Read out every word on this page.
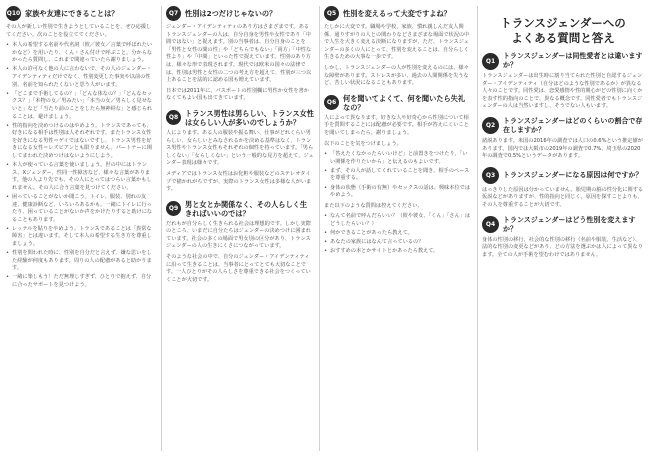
Q10 家族や友達にできることは？

その人が新しい性別で生きようとしていることを、ぜひ応援してください。次のことを役立ててください。

• 本人の希望する名前や代名詞（彼／彼女／言葉で呼ばれたいかなど）を用いたり、くん・さん付けで呼ぶこと。分からなかったら質問し、これまで間違っていたら謝りましょう。
• 本人の許可なく他の人に言わないで、その人のジェンダー・アイデンティティだけでなく、性別変更した事実や以前の性別、名前を知られたくないと思う人がいます。
• 「どこまで手術してるの？」「どんな体なの？」「どんなセックス？」「本物の女／男みたい」「本当の女／男らしく見せないと」など「当たり前のことをしたら無神経な」と感じられることは、避けましょう。
• 性的指向を決めつけるのはやめよう。トランスであっても、好きになる相手は性別は人それぞれです。またトランス女性を好きになる男性＝ゲイではないですし、トランス男性を好きになる女性＝レズビアンとも限りません。パートナーに関してまわれた決めつけはないようにしよう。
• 本人が使っている言葉を使いましょう。世の中にはトランス、Xジェンダー、性同一性障害など、様々な言葉があります。他の人より先でも、その人にとってはつらい言葉かもしれません。その人に合う言葉を見つけてください。
• 困っていることがないか聞こう。トイレ、服装、別れの友達、健康診断など、いろいろあるかも。一緒にトイレに行ったり、困っていることがないか声をかけたりすると助けになることもあります。
• レッテルを貼りをやめよう。トランスであることは「異常な障害」とは違います。そして本人の希望する生き方を尊重しましょう。
• 性別を問われた時に、性別を自分だと言えず、嫌な思いをした経験が何度もあります。周りの人の配慮があると助かります。
• 一緒に楽しもう！ただ無理しすぎず、ひとりで抱えず、自分に合ったサポートを見つけよう。
Q7 性別は2つだけじゃないの？

ジェンダー・アイデンティティのあり方はさまざまです。あるトランスジェンダーの人は、自分自身を男性や女性であり「中間ではない」と捉えます。別の当事者は、自分自身のことを「男性と女性の間の性」や「どちらでもない」「両方」「中性な性より」や「中間」といった性で捉えています。性別のあり方は、様々な形で表現されます。現代では欧米の国々の法律では、性別は男性と女性の二つの考え方を超えて、性別が三つ以上あることを法的に認める国も増えています。

日本では2011年に、パスポートの性別欄に男性か女性を書かなくてもよい国も出てきています。

Q8 トランス男性は男らしい、トランス女性は女らしい人が多いのでしょうか？

人によります。ある人の服装や振る舞い、仕事がどれくらい男らしい、女らしいとみなされるかを決める基準はなく、トランス男性やトランス女性もそれぞれの個性を持っています。「男らしくない」「女らしくない」という一般的な見方を超えて、ジェンダー表現は様々です。

メディアではトランス女性はお化粧や服装などのステレオタイプで描かれがちですが、実際のトランス女性は多様な人がいます。

Q9 男と女とか関係なく、その人らしく生きればいいのでは？

だれもが自分らしく生きられる社会は理想的です。しかし実際のところ、いまだに自分たちはジェンダーの決めつけに囲まれています。社会の多くの場面で男女別の区分があり、トランスジェンダーの人の生きにくさにつながっています。

そのような社会の中で、自分のジェンダー・アイデンティティに沿って生きることは、当事者にとってとても大切なことです。一人ひとりがその人らしさを尊重できる社会をつくっていくことが大切です。

Q5 性別を変えるって大変ですよね？

たしかに大変です。職場や学校、家族、慣れ親しんだ友人関係、通りすがりの人との関わりなどさまざまな場面で状況の中で人生を大きく変える決断になりますが、ただ、トランスジェンダーの多くの人にとって、性別を変えることは、自分らしく生きるための大事な一歩です。

しかし、トランスジェンダーの人が性別を変えるのには、様々な障壁があります。ストレスが多い、過去の人間関係を失うなど、苦しい状況になることもあります。

Q6 何を聞いてよくて、何を聞いたら失礼なの？

人によって異なります。好きな人や好奇心から性別について相手を質問することには配慮が必要です。相手が答えにくいことを聞いてしまったら、謝りましょう。

以下のことを気をつけましょう。

• 「答えたくなかったらいいけど」と前置きをつけたり、「いい関係を作りたいから」と伝えるのもよいです。
• まず、その人が話してくれていることを聞き、相手のペースを尊重する。
• 身体の状態（手術の有無）やセックスの話は、興味本位ではやめよう。

また以下のような質問は控えてください。

• なんて名前で呼んだらいい？（彼や彼女、「くん」「さん」はどうしたらいい？）
• 何かできることがあったら教えて。
• あなたの家族にはなんて言っているの？
• おすすめの本とかサイトとかあったら教えて。
トランスジェンダーへの
よくある質問と答え
Q1
トランスジェンダーは同性愛者とは違いますか？

トランスジェンダーは出生時に割り当てられた性別と自認するジェンダー・アイデンティティ（自分はどのような性別であるか）が異なる人々のことです。同性愛は、恋愛感情や性的関心がどの性別に向くかを表す性的指向のことで、異なる概念です。同性愛者でもトランスジェンダーの人は当然いますし、そうでない人もいます。

Q2
トランスジェンダーはどのくらいの割合で存在しますか？

諸説あります。米国の2016年の調査では人口の0.6%という推定値があります。国内では大阪市の2019年の調査で0.7%、埼玉県の2020年の調査で0.5%というデータがあります。

Q3	トランスジェンダーになる原因は何ですか？

はっきりした原因は分かっていません。胎児期の脳の性分化に関する仮説などがありますが、性的指向と同じく、原因を探すことよりも、その人を尊重することが大切です。

Q4
トランスジェンダーはどう性別を変えますか？

身体の性別の移行、社会的な性別の移行（名前や服装、生活など）、法的な性別の変更などがあり、どの方法を選ぶかは人によって異なります。全ての人が手術を望むわけではありません。
